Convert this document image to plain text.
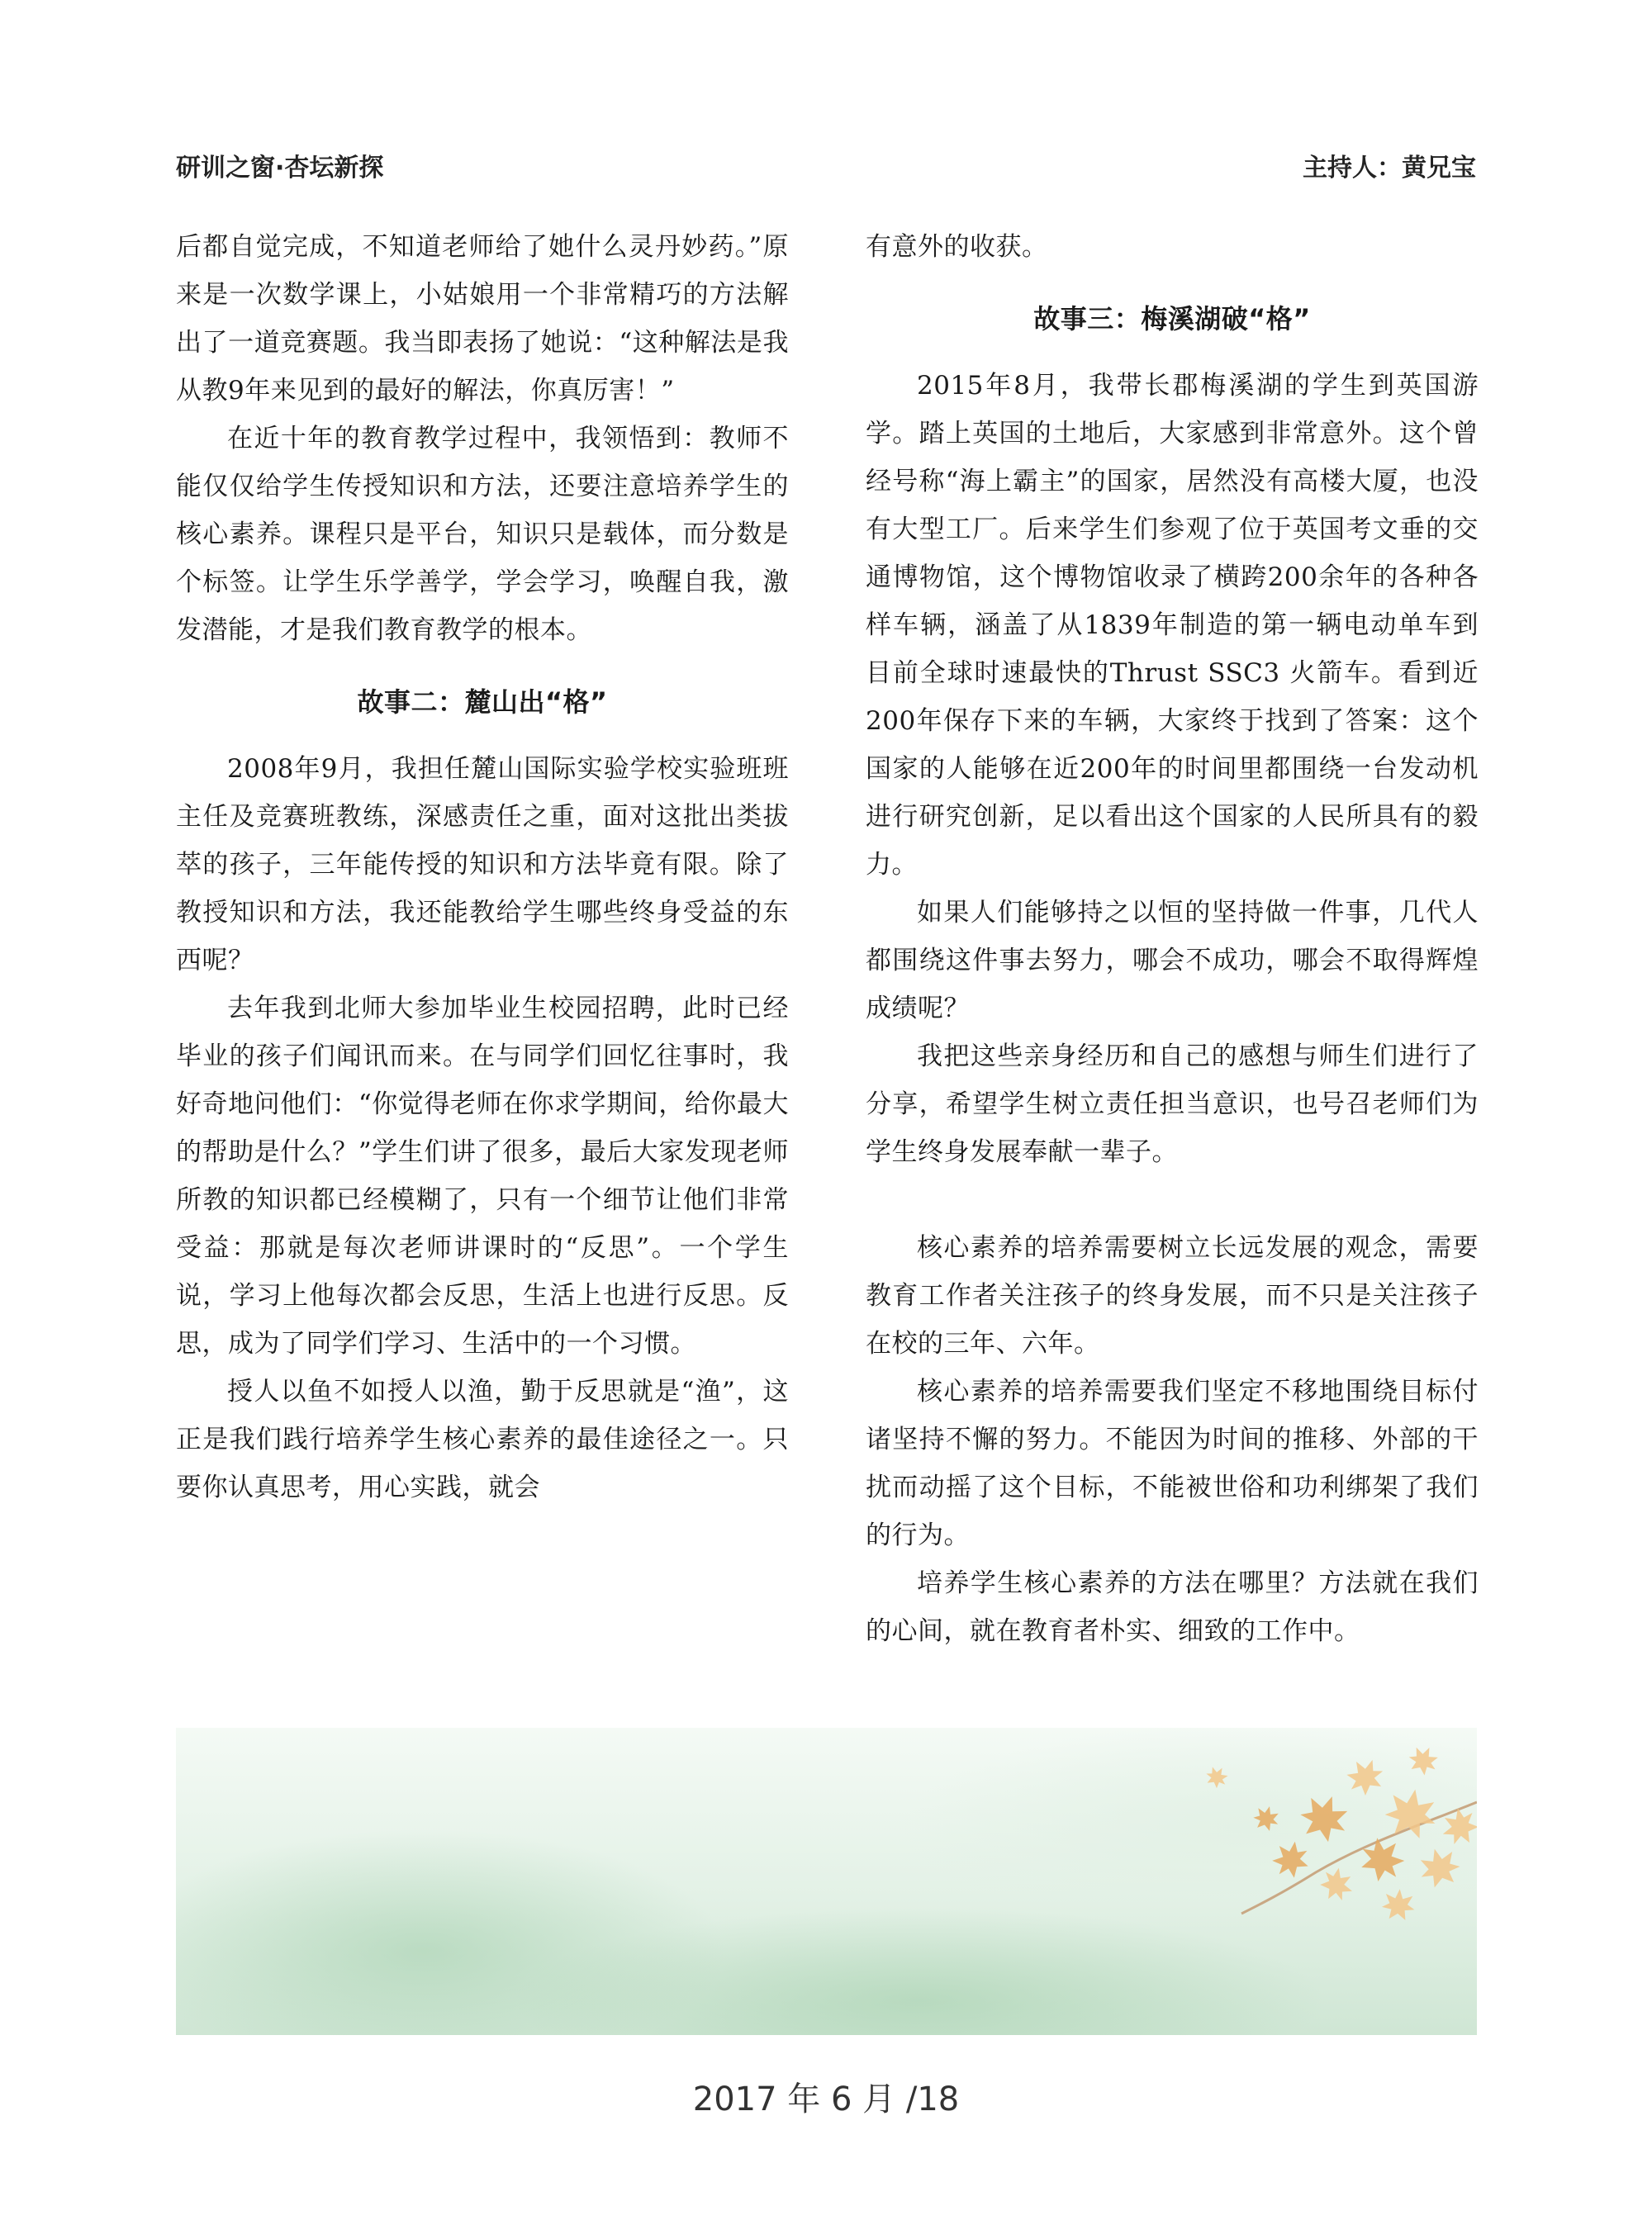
研训之窗·杏坛新探	主持人：黄兄宝

后都自觉完成，不知道老师给了她什么灵丹妙药。”原来是一次数学课上，小姑娘用一个非常精巧的方法解出了一道竞赛题。我当即表扬了她说：“这种解法是我从教9年来见到的最好的解法，你真厉害！”

在近十年的教育教学过程中，我领悟到：教师不能仅仅给学生传授知识和方法，还要注意培养学生的核心素养。课程只是平台，知识只是载体，而分数是个标签。让学生乐学善学，学会学习，唤醒自我，激发潜能，才是我们教育教学的根本。

故事二：麓山出“格”

2008年9月，我担任麓山国际实验学校实验班班主任及竞赛班教练，深感责任之重，面对这批出类拔萃的孩子，三年能传授的知识和方法毕竟有限。除了教授知识和方法，我还能教给学生哪些终身受益的东西呢？

去年我到北师大参加毕业生校园招聘，此时已经毕业的孩子们闻讯而来。在与同学们回忆往事时，我好奇地问他们：“你觉得老师在你求学期间，给你最大的帮助是什么？”学生们讲了很多，最后大家发现老师所教的知识都已经模糊了，只有一个细节让他们非常受益：那就是每次老师讲课时的“反思”。一个学生说，学习上他每次都会反思，生活上也进行反思。反思，成为了同学们学习、生活中的一个习惯。

授人以鱼不如授人以渔，勤于反思就是“渔”，这正是我们践行培养学生核心素养的最佳途径之一。只要你认真思考，用心实践，就会

有意外的收获。

故事三：梅溪湖破“格”

2015年8月，我带长郡梅溪湖的学生到英国游学。踏上英国的土地后，大家感到非常意外。这个曾经号称“海上霸主”的国家，居然没有高楼大厦，也没有大型工厂。后来学生们参观了位于英国考文垂的交通博物馆，这个博物馆收录了横跨200余年的各种各样车辆，涵盖了从1839年制造的第一辆电动单车到目前全球时速最快的Thrust SSC3 火箭车。看到近200年保存下来的车辆，大家终于找到了答案：这个国家的人能够在近200年的时间里都围绕一台发动机进行研究创新，足以看出这个国家的人民所具有的毅力。

如果人们能够持之以恒的坚持做一件事，几代人都围绕这件事去努力，哪会不成功，哪会不取得辉煌成绩呢？

我把这些亲身经历和自己的感想与师生们进行了分享，希望学生树立责任担当意识，也号召老师们为学生终身发展奉献一辈子。

核心素养的培养需要树立长远发展的观念，需要教育工作者关注孩子的终身发展，而不只是关注孩子在校的三年、六年。

核心素养的培养需要我们坚定不移地围绕目标付诸坚持不懈的努力。不能因为时间的推移、外部的干扰而动摇了这个目标，不能被世俗和功利绑架了我们的行为。

培养学生核心素养的方法在哪里？方法就在我们的心间，就在教育者朴实、细致的工作中。

2017 年 6 月 /18
